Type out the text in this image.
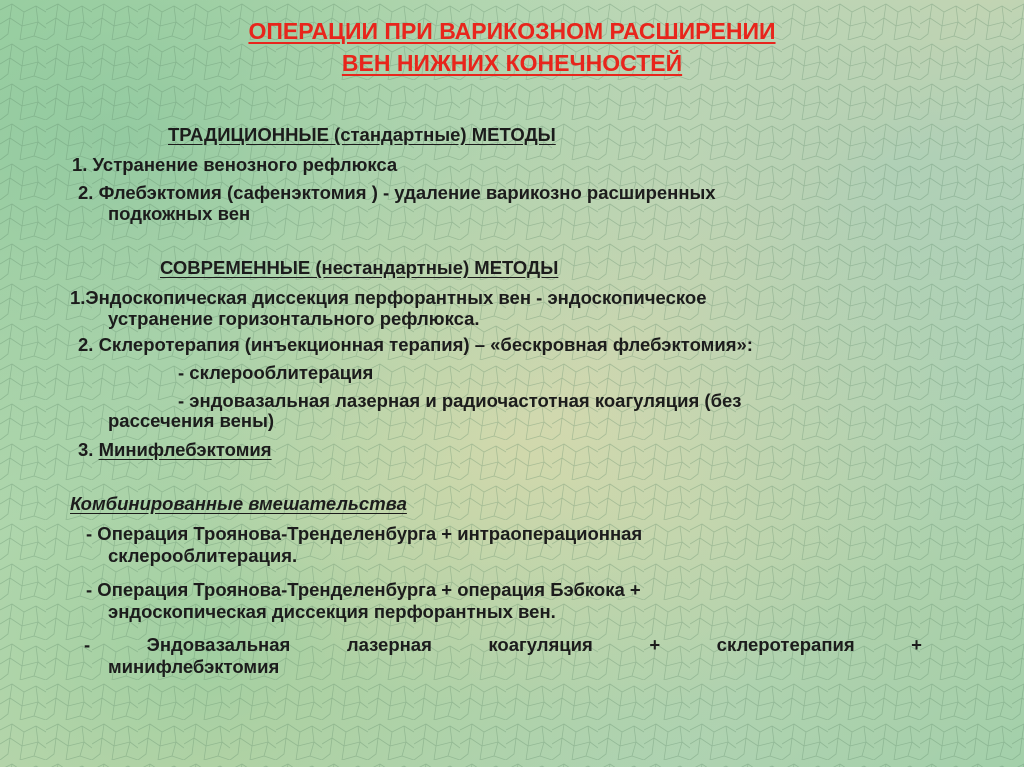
ОПЕРАЦИИ ПРИ ВАРИКОЗНОМ РАСШИРЕНИИ
ВЕН НИЖНИХ КОНЕЧНОСТЕЙ
ТРАДИЦИОННЫЕ (стандартные) МЕТОДЫ
1. Устранение венозного рефлюкса
2. Флебэктомия (сафенэктомия ) - удаление варикозно расширенных
подкожных вен
СОВРЕМЕННЫЕ (нестандартные) МЕТОДЫ
1.Эндоскопическая диссекция перфорантных вен - эндоскопическое
устранение горизонтального рефлюкса.
2. Склеротерапия (инъекционная терапия) – «бескровная флебэктомия»:
- склерооблитерация
- эндовазальная лазерная и радиочастотная коагуляция (без
рассечения вены)
3. Минифлебэктомия
Комбинированные вмешательства
- Операция Троянова-Тренделенбурга + интраоперационная
склерооблитерация.
- Операция Троянова-Тренделенбурга + операция Бэбкока +
эндоскопическая диссекция перфорантных вен.
-	Эндовазальная	лазерная	коагуляция	+	склеротерапия	+
минифлебэктомия
